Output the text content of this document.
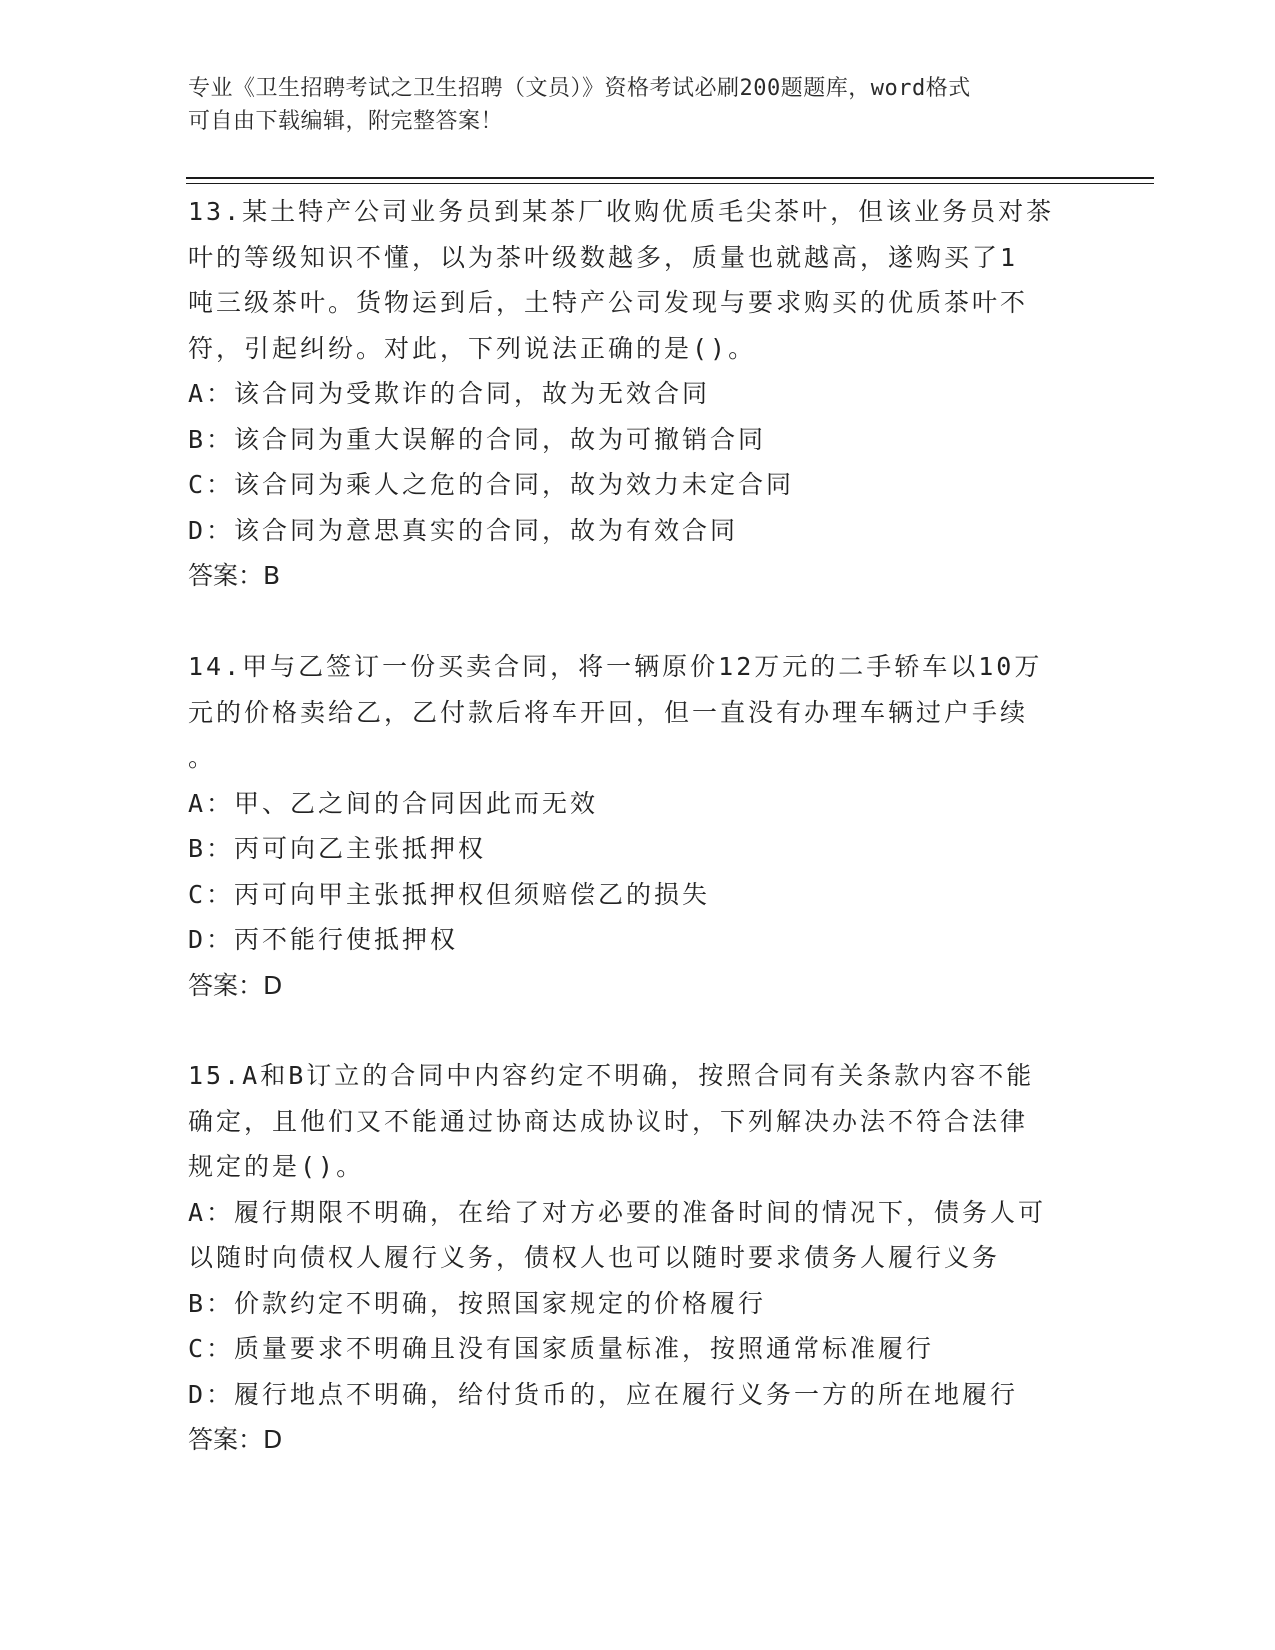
专业《卫生招聘考试之卫生招聘（文员）》资格考试必刷200题题库，word格式
可自由下载编辑，附完整答案！
13.某土特产公司业务员到某茶厂收购优质毛尖茶叶，但该业务员对茶
叶的等级知识不懂，以为茶叶级数越多，质量也就越高，遂购买了1
吨三级茶叶。货物运到后，土特产公司发现与要求购买的优质茶叶不
符，引起纠纷。对此，下列说法正确的是()。
A：该合同为受欺诈的合同，故为无效合同
B：该合同为重大误解的合同，故为可撤销合同
C：该合同为乘人之危的合同，故为效力未定合同
D：该合同为意思真实的合同，故为有效合同
答案：B
14.甲与乙签订一份买卖合同，将一辆原价12万元的二手轿车以10万
元的价格卖给乙，乙付款后将车开回，但一直没有办理车辆过户手续
。
A：甲、乙之间的合同因此而无效
B：丙可向乙主张抵押权
C：丙可向甲主张抵押权但须赔偿乙的损失
D：丙不能行使抵押权
答案：D
15.A和B订立的合同中内容约定不明确，按照合同有关条款内容不能
确定，且他们又不能通过协商达成协议时，下列解决办法不符合法律
规定的是()。
A：履行期限不明确，在给了对方必要的准备时间的情况下，债务人可
以随时向债权人履行义务，债权人也可以随时要求债务人履行义务
B：价款约定不明确，按照国家规定的价格履行
C：质量要求不明确且没有国家质量标准，按照通常标准履行
D：履行地点不明确，给付货币的，应在履行义务一方的所在地履行
答案：D
